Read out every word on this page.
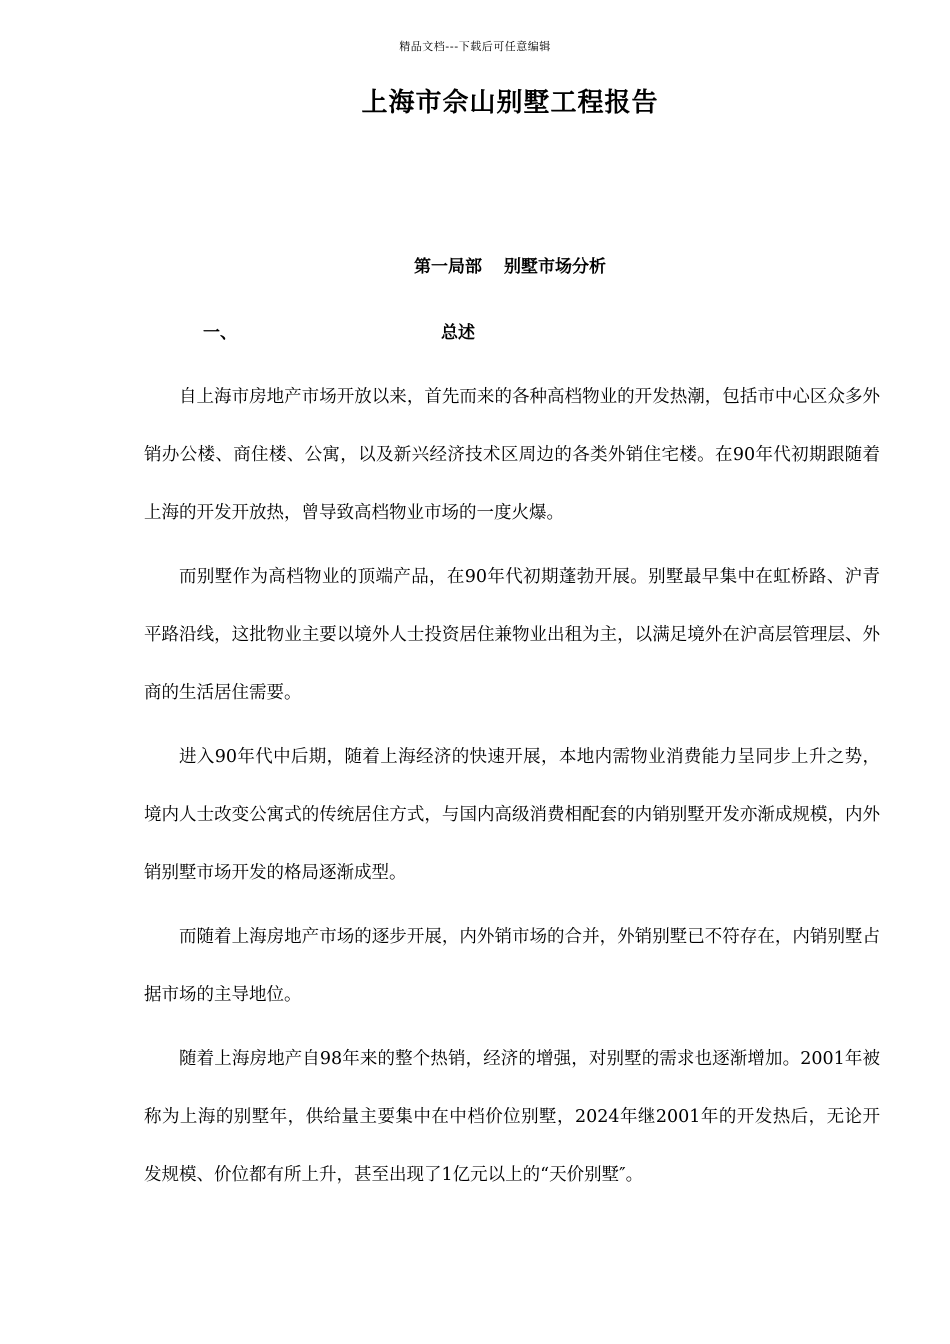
精品文档---下载后可任意编辑
上海市佘山别墅工程报告
第一局部 别墅市场分析
一、	总述

自上海市房地产市场开放以来，首先而来的各种高档物业的开发热潮，包括市中心区众多外销办公楼、商住楼、公寓，以及新兴经济技术区周边的各类外销住宅楼。在90年代初期跟随着上海的开发开放热，曾导致高档物业市场的一度火爆。

而别墅作为高档物业的顶端产品，在90年代初期蓬勃开展。别墅最早集中在虹桥路、沪青平路沿线，这批物业主要以境外人士投资居住兼物业出租为主，以满足境外在沪高层管理层、外商的生活居住需要。

进入90年代中后期，随着上海经济的快速开展，本地内需物业消费能力呈同步上升之势，境内人士改变公寓式的传统居住方式，与国内高级消费相配套的内销别墅开发亦渐成规模，内外销别墅市场开发的格局逐渐成型。

而随着上海房地产市场的逐步开展，内外销市场的合并，外销别墅已不符存在，内销别墅占据市场的主导地位。

随着上海房地产自98年来的整个热销，经济的增强，对别墅的需求也逐渐增加。2001年被称为上海的别墅年，供给量主要集中在中档价位别墅，2024年继2001年的开发热后，无论开发规模、价位都有所上升，甚至出现了1亿元以上的“天价别墅″。
